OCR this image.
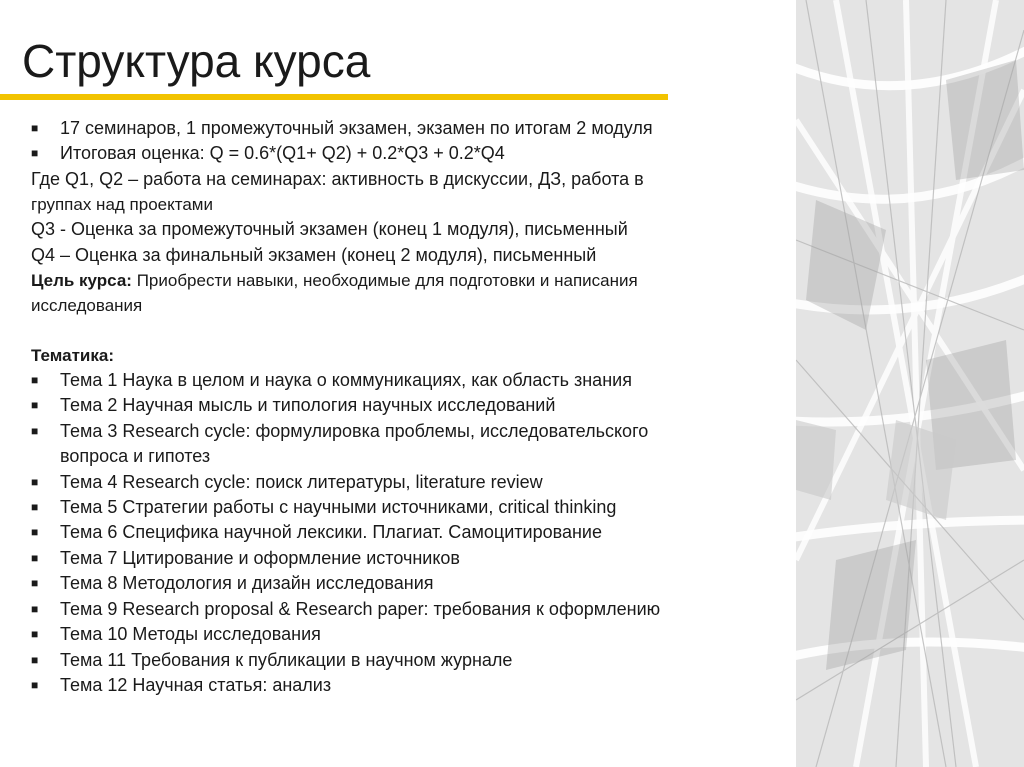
Структура курса
■ 17 семинаров, 1 промежуточный экзамен, экзамен по итогам 2 модуля
■ Итоговая оценка: Q = 0.6*(Q1+ Q2) + 0.2*Q3 + 0.2*Q4
Где Q1, Q2 – работа на семинарах: активность в дискуссии, ДЗ, работа в
группах над проектами
Q3 - Оценка за промежуточный экзамен (конец 1 модуля), письменный
Q4 – Оценка за финальный экзамен (конец 2 модуля), письменный
Цель курса: Приобрести навыки, необходимые для подготовки и написания
исследования
Тематика:
■ Тема 1 Наука в целом и наука о коммуникациях, как область знания
■ Тема 2 Научная мысль и типология научных исследований
■ Тема 3 Research cycle: формулировка проблемы, исследовательского
вопроса и гипотез
■ Тема 4 Research cycle: поиск литературы, literature review
■ Тема 5 Стратегии работы с научными источниками, critical thinking
■ Тема 6 Специфика научной лексики. Плагиат. Самоцитирование
■ Тема 7 Цитирование и оформление источников
■ Тема 8 Методология и дизайн исследования
■ Тема 9 Research proposal & Research paper: требования к оформлению
■ Тема 10 Методы исследования
■ Тема 11 Требования к публикации в научном журнале
■ Тема 12 Научная статья: анализ
